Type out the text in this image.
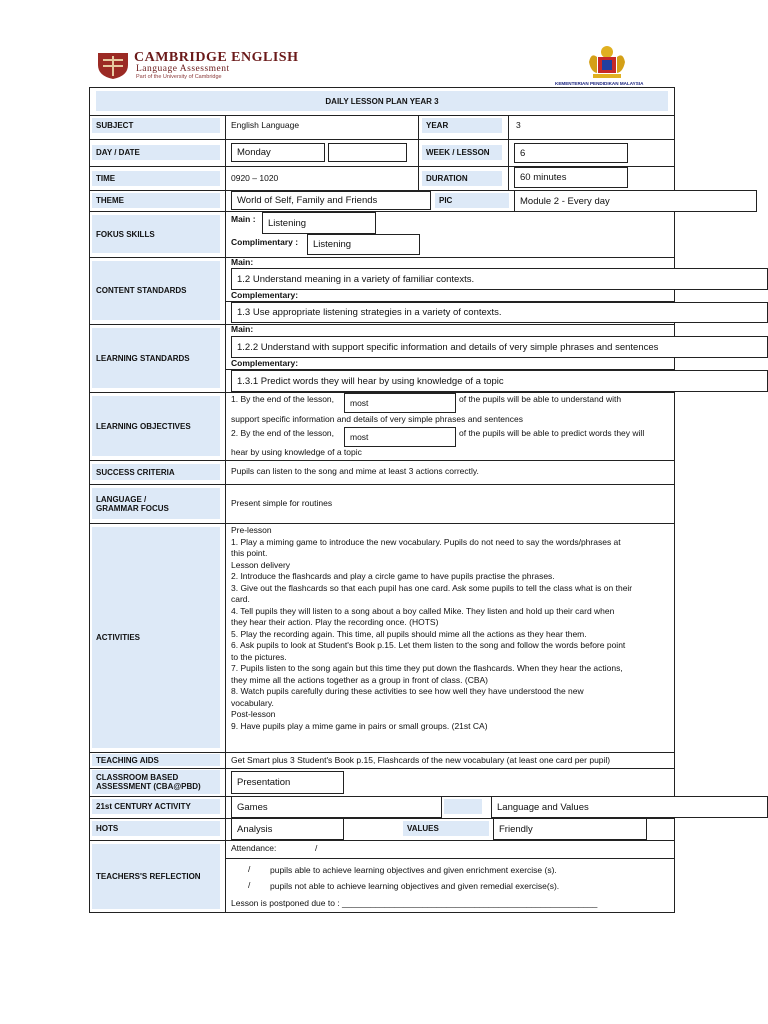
CAMBRIDGE ENGLISH
Language Assessment
Part of the University of Cambridge
KEMENTERIAN PENDIDIKAN MALAYSIA
DAILY LESSON PLAN YEAR 3
SUBJECT	English Language	YEAR	3
DAY / DATE	Monday	WEEK / LESSON	6
TIME	0920 – 1020	DURATION	60 minutes
THEME	World of Self, Family and Friends	PIC	Module 2 - Every day
FOKUS SKILLS
Main :	Listening
Complimentary :	Listening
CONTENT STANDARDS
Main:
1.2 Understand meaning in a variety of familiar contexts.
Complementary:
1.3 Use appropriate listening strategies in a variety of contexts.
LEARNING STANDARDS
Main:
1.2.2 Understand with support specific information and details of very simple phrases and sentences
Complementary:
1.3.1 Predict words they will hear by using knowledge of a topic
LEARNING OBJECTIVES
1. By the end of the lesson,	most	of the pupils will be able to understand with
support specific information and details of very simple phrases and sentences
2. By the end of the lesson,	most	of the pupils will be able to predict words they will
hear by using knowledge of a topic
SUCCESS CRITERIA	Pupils can listen to the song and mime at least 3 actions correctly.
LANGUAGE /
GRAMMAR FOCUS	Present simple for routines
ACTIVITIES
Pre-lesson
1. Play a miming game to introduce the new vocabulary. Pupils do not need to say the words/phrases at
this point.
Lesson delivery
2. Introduce the flashcards and play a circle game to have pupils practise the phrases.
3. Give out the flashcards so that each pupil has one card. Ask some pupils to tell the class what is on their
card.
4. Tell pupils they will listen to a song about a boy called Mike. They listen and hold up their card when
they hear their action. Play the recording once. (HOTS)
5. Play the recording again. This time, all pupils should mime all the actions as they hear them.
6. Ask pupils to look at Student's Book p.15. Let them listen to the song and follow the words before point
to the pictures.
7. Pupils listen to the song again but this time they put down the flashcards. When they hear the actions,
they mime all the actions together as a group in front of class. (CBA)
8. Watch pupils carefully during these activities to see how well they have understood the new
vocabulary.
Post-lesson
9. Have pupils play a mime game in pairs or small groups. (21st CA)
TEACHING AIDS	Get Smart plus 3 Student's Book p.15, Flashcards of the new vocabulary (at least one card per pupil)
CLASSROOM BASED
ASSESSMENT (CBA@PBD)	Presentation
21st CENTURY ACTIVITY	Games	Language and Values
HOTS	Analysis	VALUES	Friendly
TEACHERS'S REFLECTION
Attendance:	/
/ pupils able to achieve learning objectives and given enrichment exercise (s).
/ pupils not able to achieve learning objectives and given remedial exercise(s).
Lesson is postponed due to : ______________________________________________________
